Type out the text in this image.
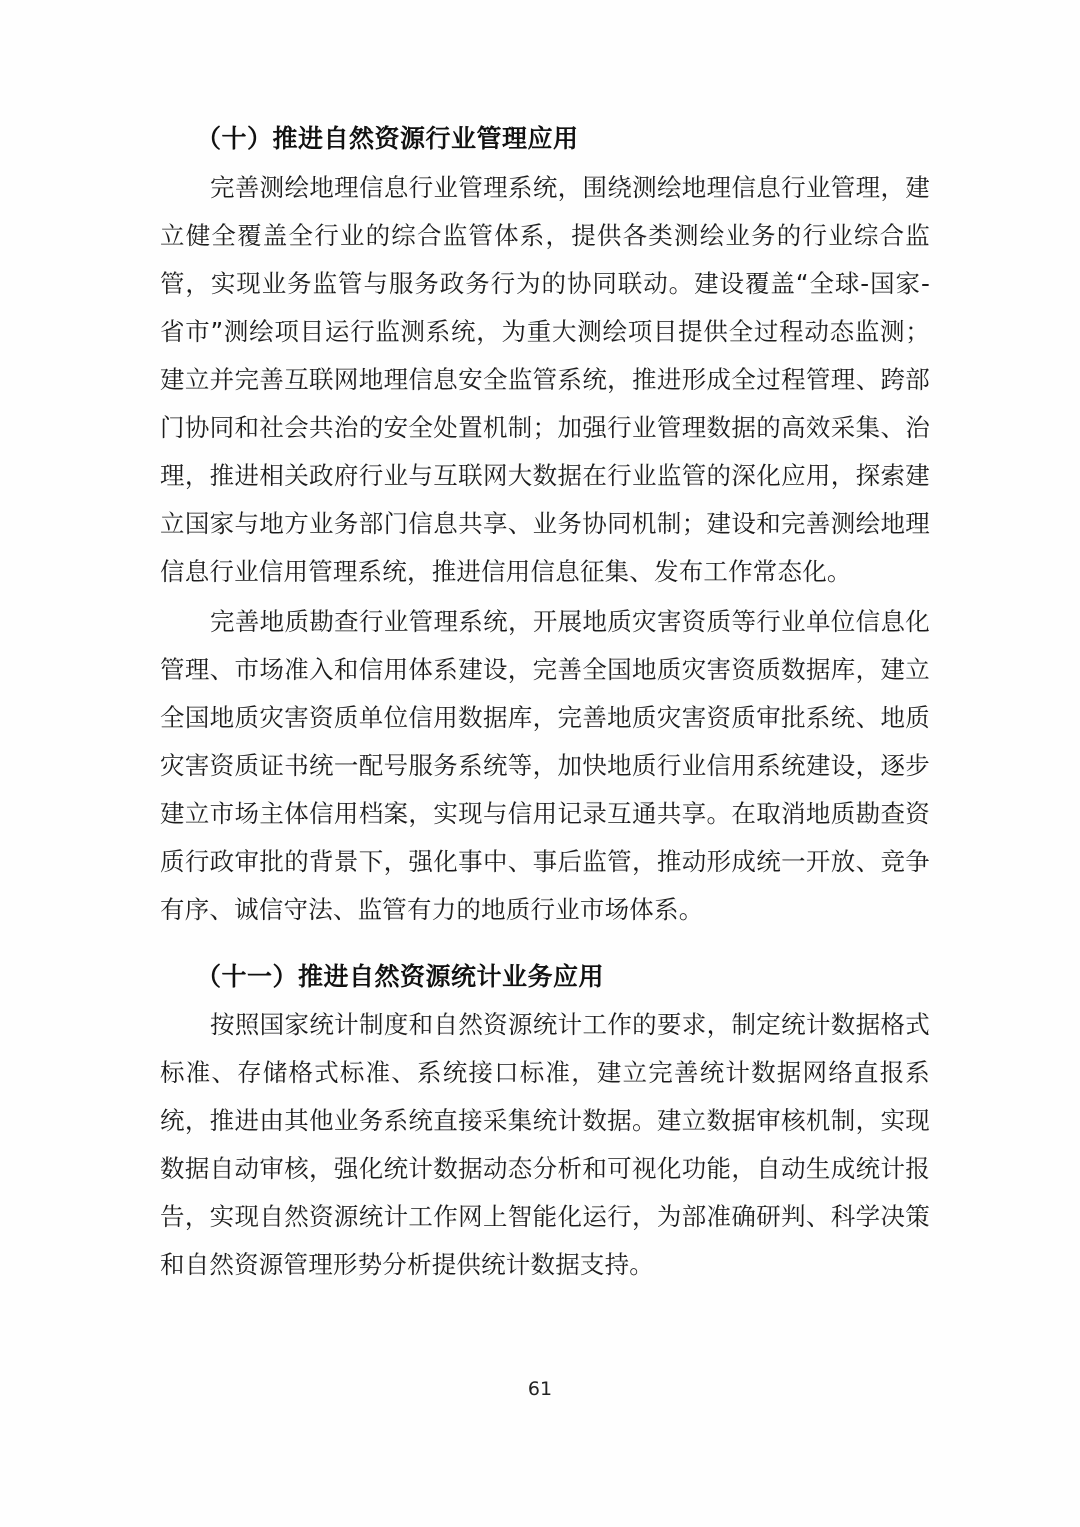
（十）推进自然资源行业管理应用

完善测绘地理信息行业管理系统，围绕测绘地理信息行业管理，建立健全覆盖全行业的综合监管体系，提供各类测绘业务的行业综合监管，实现业务监管与服务政务行为的协同联动。建设覆盖“全球-国家-省市”测绘项目运行监测系统，为重大测绘项目提供全过程动态监测；建立并完善互联网地理信息安全监管系统，推进形成全过程管理、跨部门协同和社会共治的安全处置机制；加强行业管理数据的高效采集、治理，推进相关政府行业与互联网大数据在行业监管的深化应用，探索建立国家与地方业务部门信息共享、业务协同机制；建设和完善测绘地理信息行业信用管理系统，推进信用信息征集、发布工作常态化。

完善地质勘查行业管理系统，开展地质灾害资质等行业单位信息化管理、市场准入和信用体系建设，完善全国地质灾害资质数据库，建立全国地质灾害资质单位信用数据库，完善地质灾害资质审批系统、地质灾害资质证书统一配号服务系统等，加快地质行业信用系统建设，逐步建立市场主体信用档案，实现与信用记录互通共享。在取消地质勘查资质行政审批的背景下，强化事中、事后监管，推动形成统一开放、竞争有序、诚信守法、监管有力的地质行业市场体系。

（十一）推进自然资源统计业务应用

按照国家统计制度和自然资源统计工作的要求，制定统计数据格式标准、存储格式标准、系统接口标准，建立完善统计数据网络直报系统，推进由其他业务系统直接采集统计数据。建立数据审核机制，实现数据自动审核，强化统计数据动态分析和可视化功能，自动生成统计报告，实现自然资源统计工作网上智能化运行，为部准确研判、科学决策和自然资源管理形势分析提供统计数据支持。

61
